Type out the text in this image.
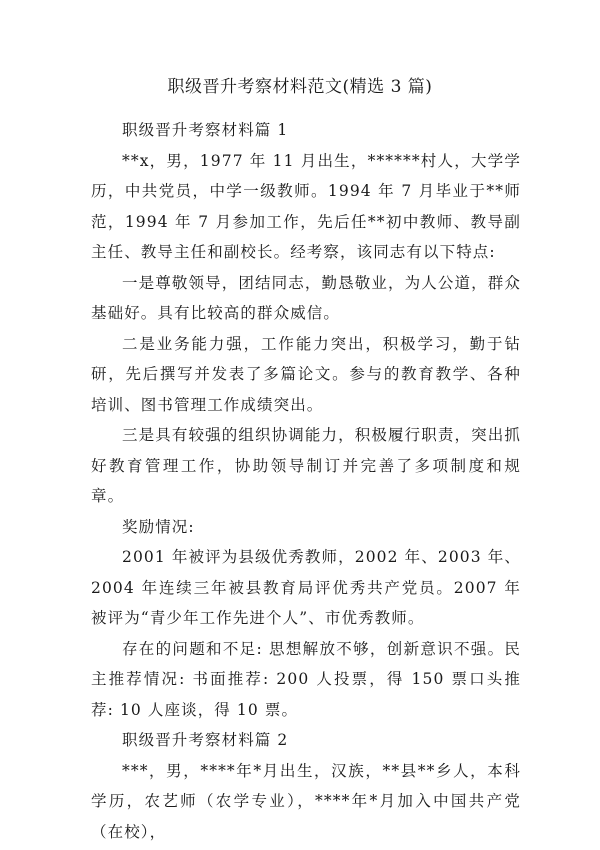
职级晋升考察材料范文(精选 3 篇)

职级晋升考察材料篇 1

**x，男，1977 年 11 月出生，******村人，大学学历，中共党员，中学一级教师。1994 年 7 月毕业于**师范，1994 年 7 月参加工作，先后任**初中教师、教导副主任、教导主任和副校长。经考察，该同志有以下特点:

一是尊敬领导，团结同志，勤恳敬业，为人公道，群众基础好。具有比较高的群众威信。

二是业务能力强，工作能力突出，积极学习，勤于钻研，先后撰写并发表了多篇论文。参与的教育教学、各种培训、图书管理工作成绩突出。

三是具有较强的组织协调能力，积极履行职责，突出抓好教育管理工作，协助领导制订并完善了多项制度和规章。

奖励情况:

2001 年被评为县级优秀教师，2002 年、2003 年、2004 年连续三年被县教育局评优秀共产党员。2007 年被评为“青少年工作先进个人”、市优秀教师。

存在的问题和不足: 思想解放不够，创新意识不强。民主推荐情况: 书面推荐: 200 人投票，得 150 票口头推荐: 10 人座谈，得 10 票。

职级晋升考察材料篇 2

***，男，****年*月出生，汉族，**县**乡人，本科学历，农艺师（农学专业），****年*月加入中国共产党（在校），
